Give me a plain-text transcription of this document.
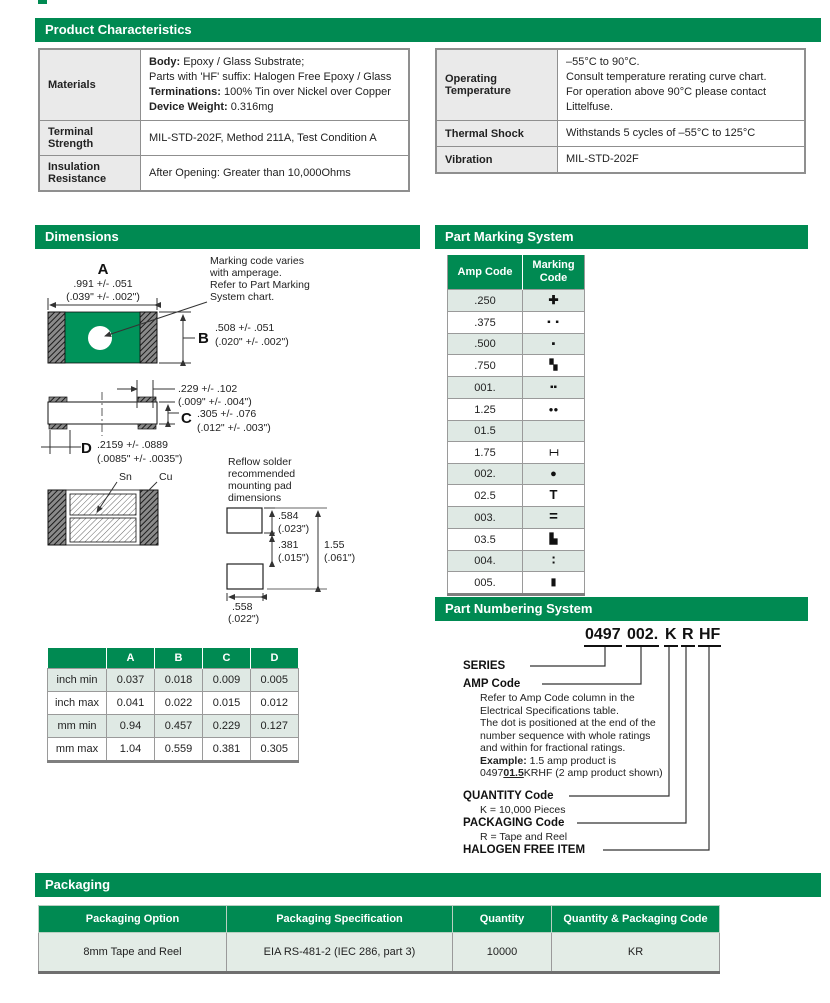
Product Characteristics
Materials	Body: Epoxy / Glass Substrate;
Parts with 'HF' suffix: Halogen Free Epoxy / Glass
Terminations: 100% Tin over Nickel over Copper
Device Weight: 0.316mg

Terminal Strength	MIL-STD-202F, Method 211A, Test Condition A
Insulation Resistance	After Opening: Greater than 10,000Ohms
Operating Temperature	–55°C to 90°C.
Consult temperature rerating curve chart.
For operation above 90°C please contact
Littelfuse.

Thermal Shock	Withstands 5 cycles of –55°C to 125°C
Vibration	MIL-STD-202F
Dimensions
A
.991 +/- .051
(.039" +/- .002")
Marking code varies
with amperage.
Refer to Part Marking
System chart.
B
.508 +/- .051
(.020" +/- .002")
.229 +/- .102
(.009" +/- .004")
C .305 +/- .076
(.012" +/- .003")
D .2159 +/- .0889
(.0085" +/- .0035")
Sn	Cu
Reflow solder
recommended
mounting pad
dimensions
.584
(.023")
.381
(.015")
1.55
(.061")
.558
(.022")
	A	B	C	D
inch min	0.037	0.018	0.009	0.005
inch max	0.041	0.022	0.015	0.012
mm min	0.94	0.457	0.229	0.127
mm max	1.04	0.559	0.381	0.305
Part Marking System
Amp Code	Marking Code
.250	✚
.375	▪ ▪
.500	▪
.750	▚
001.	▪▪
1.25	●●
01.5	
1.75	⌶
002.	●
02.5	T
003.	=
03.5	▙
004.	▪ ▪
005.	▮
Part Numbering System
0497 002. K R HF
SERIES
AMP Code
Refer to Amp Code column in the
Electrical Specifications table.
The dot is positioned at the end of the
number sequence with whole ratings
and within for fractional ratings.
Example: 1.5 amp product is
049701.5KRHF (2 amp product shown)
QUANTITY Code
K = 10,000 Pieces
PACKAGING Code
R = Tape and Reel
HALOGEN FREE ITEM
Packaging
Packaging Option	Packaging Specification	Quantity	Quantity & Packaging Code
8mm Tape and Reel	EIA RS-481-2 (IEC 286, part 3)	10000	KR
